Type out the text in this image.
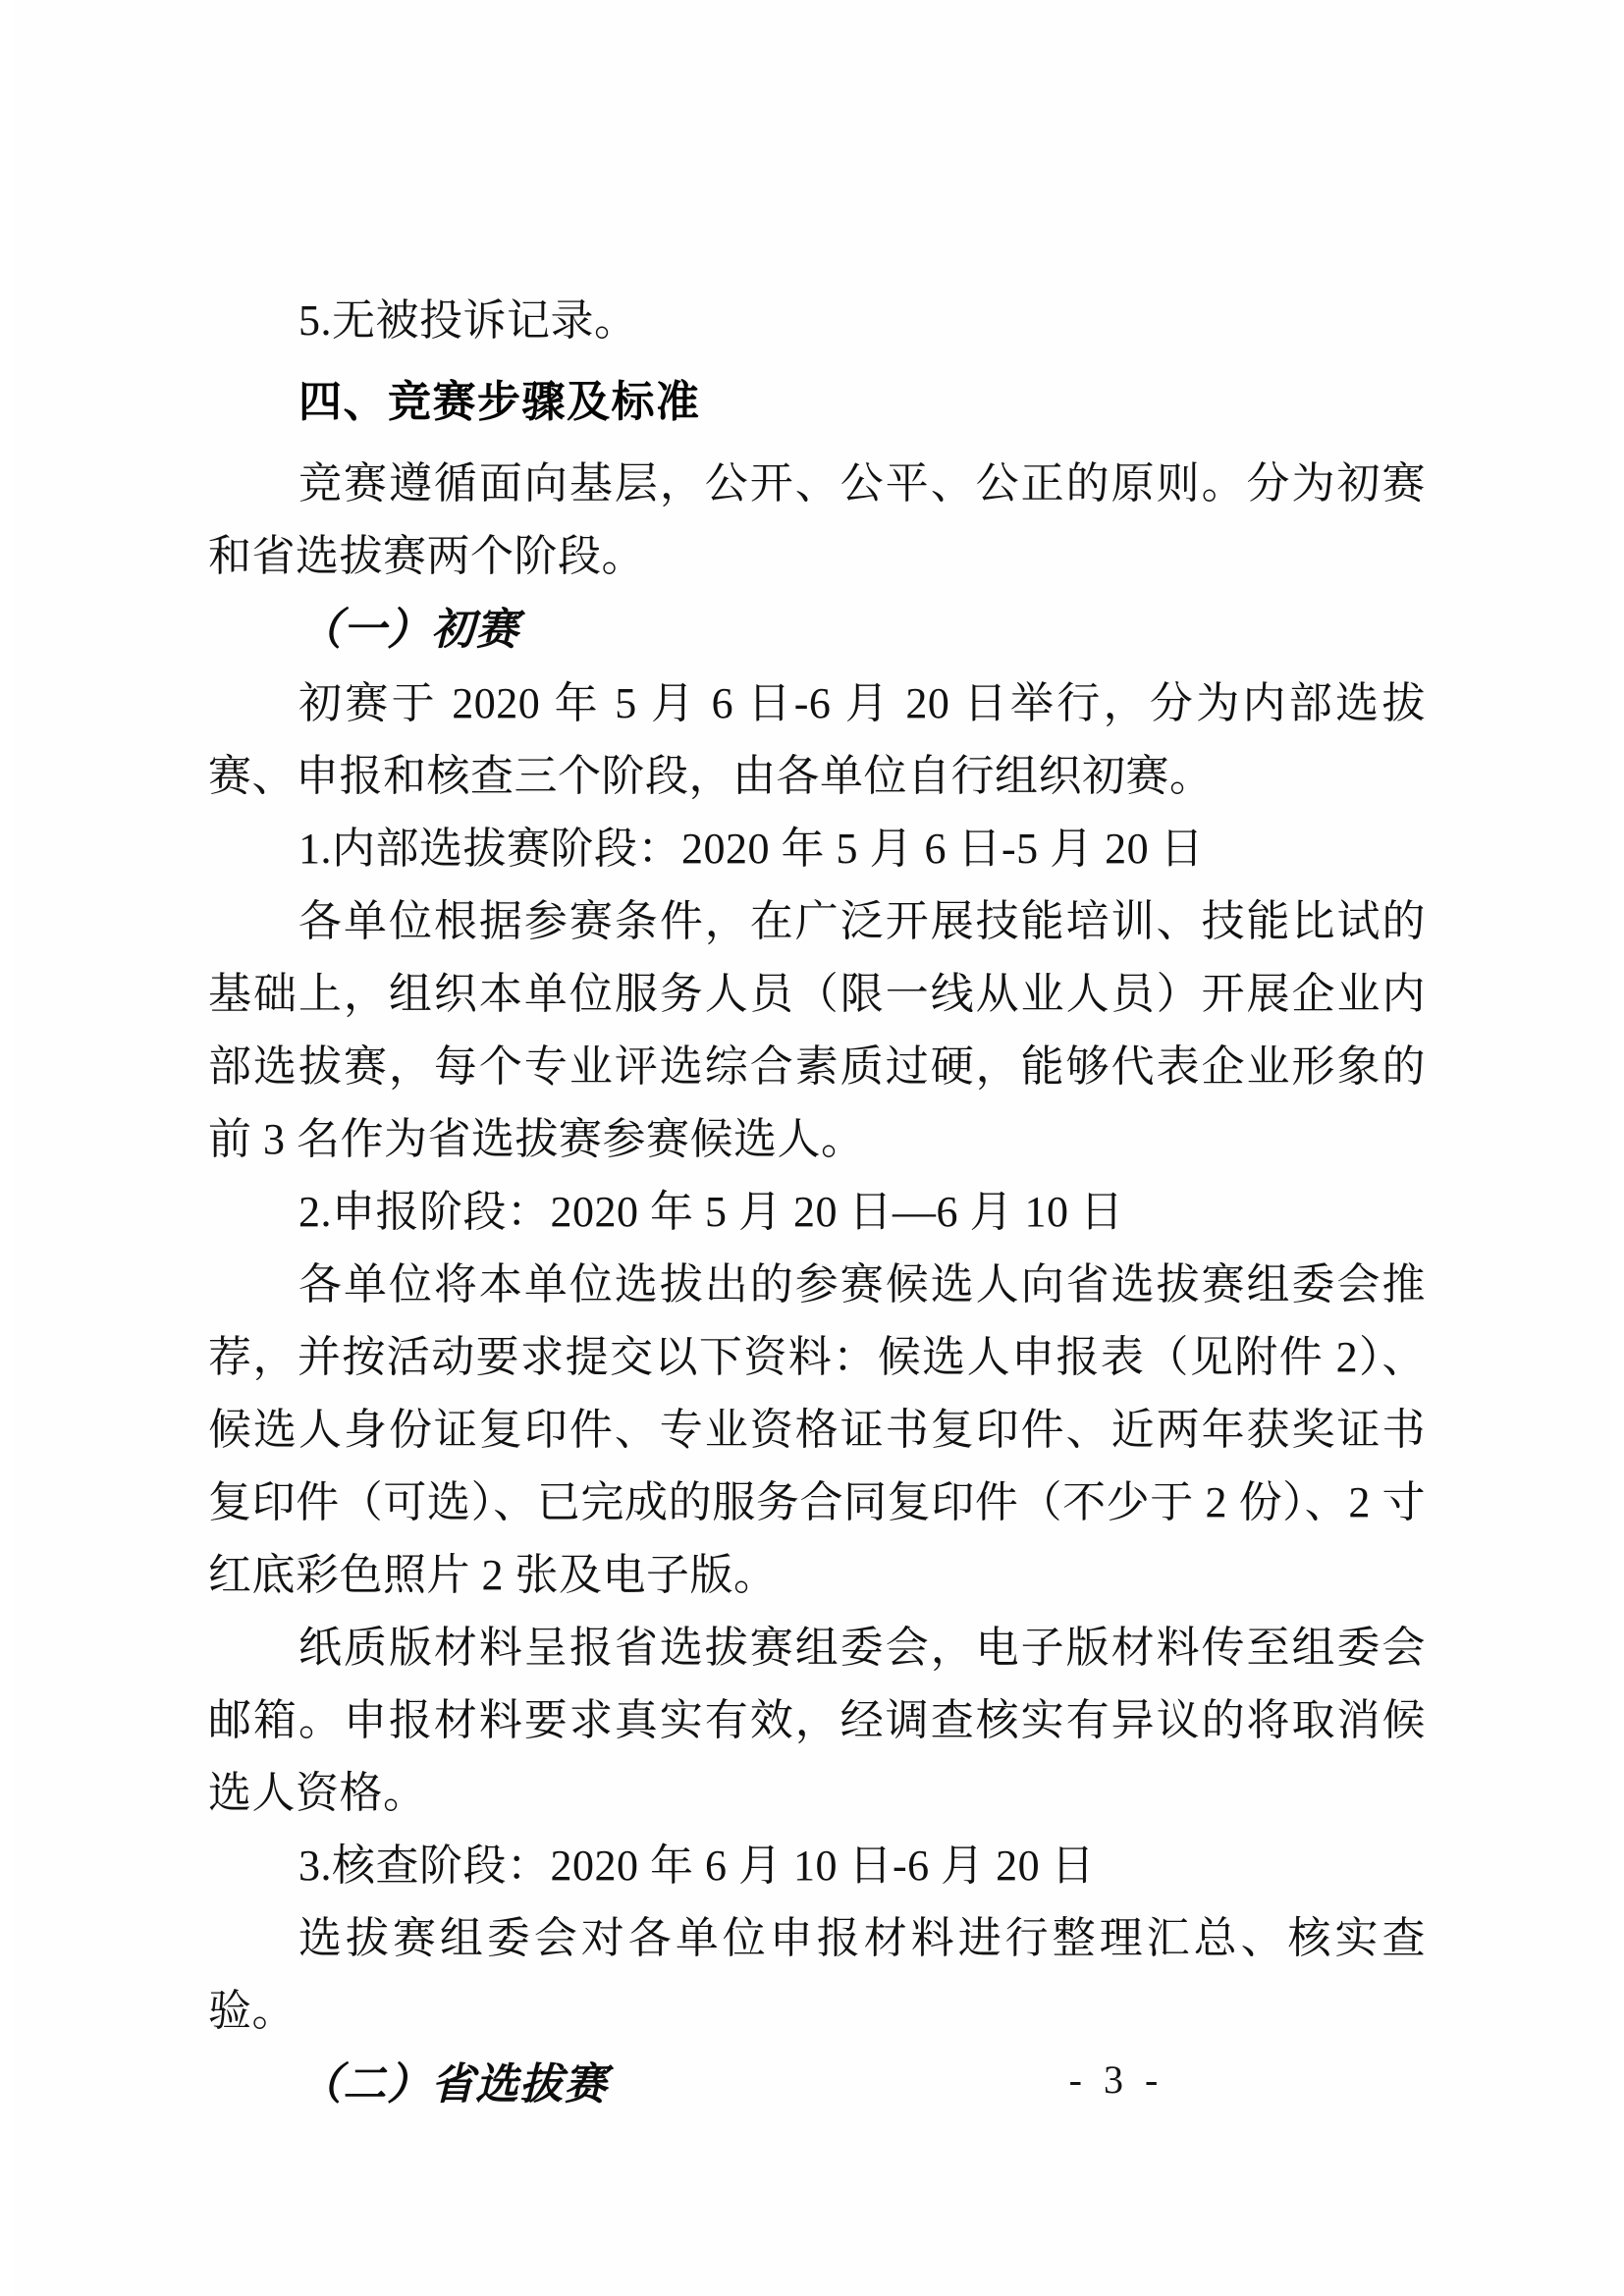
5.无被投诉记录。

四、竞赛步骤及标准

竞赛遵循面向基层，公开、公平、公正的原则。分为初赛和省选拔赛两个阶段。

（一）初赛

初赛于 2020 年 5 月 6 日-6 月 20 日举行，分为内部选拔赛、申报和核查三个阶段，由各单位自行组织初赛。

1.内部选拔赛阶段：2020 年 5 月 6 日-5 月 20 日

各单位根据参赛条件，在广泛开展技能培训、技能比试的基础上，组织本单位服务人员（限一线从业人员）开展企业内部选拔赛，每个专业评选综合素质过硬，能够代表企业形象的前 3 名作为省选拔赛参赛候选人。

2.申报阶段：2020 年 5 月 20 日—6 月 10 日

各单位将本单位选拔出的参赛候选人向省选拔赛组委会推荐，并按活动要求提交以下资料：候选人申报表（见附件 2）、候选人身份证复印件、专业资格证书复印件、近两年获奖证书复印件（可选）、已完成的服务合同复印件（不少于 2 份）、2 寸红底彩色照片 2 张及电子版。

纸质版材料呈报省选拔赛组委会，电子版材料传至组委会邮箱。申报材料要求真实有效，经调查核实有异议的将取消候选人资格。

3.核查阶段：2020 年 6 月 10 日-6 月 20 日

选拔赛组委会对各单位申报材料进行整理汇总、核实查验。

（二）省选拔赛	- 3 -
